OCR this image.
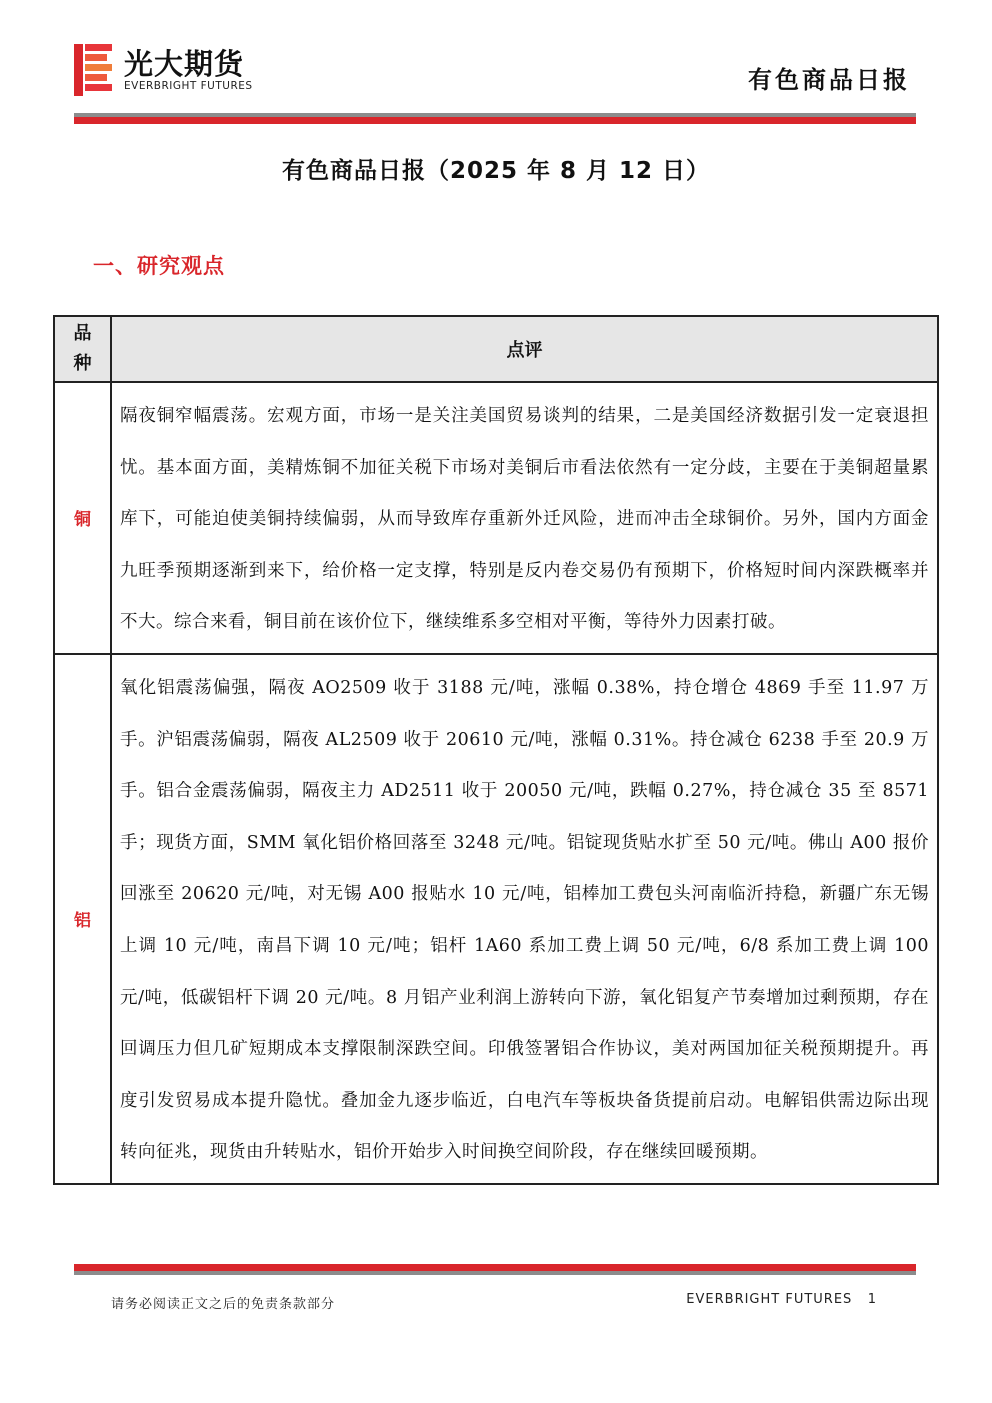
光大期货
EVERBRIGHT FUTURES	有色商品日报
有色商品日报（2025 年 8 月 12 日）
一、研究观点
品
种	点评
铜	隔夜铜窄幅震荡。宏观方面，市场一是关注美国贸易谈判的结果，二是美国经济数据引发一定衰退担忧。基本面方面，美精炼铜不加征关税下市场对美铜后市看法依然有一定分歧，主要在于美铜超量累库下，可能迫使美铜持续偏弱，从而导致库存重新外迁风险，进而冲击全球铜价。另外，国内方面金九旺季预期逐渐到来下，给价格一定支撑，特别是反内卷交易仍有预期下，价格短时间内深跌概率并不大。综合来看，铜目前在该价位下，继续维系多空相对平衡，等待外力因素打破。
铝	氧化铝震荡偏强，隔夜 AO2509 收于 3188 元/吨，涨幅 0.38%，持仓增仓 4869 手至 11.97 万手。沪铝震荡偏弱，隔夜 AL2509 收于 20610 元/吨，涨幅 0.31%。持仓减仓 6238 手至 20.9 万手。铝合金震荡偏弱，隔夜主力 AD2511 收于 20050 元/吨，跌幅 0.27%，持仓减仓 35 至 8571 手；现货方面，SMM 氧化铝价格回落至 3248 元/吨。铝锭现货贴水扩至 50 元/吨。佛山 A00 报价回涨至 20620 元/吨，对无锡 A00 报贴水 10 元/吨，铝棒加工费包头河南临沂持稳，新疆广东无锡上调 10 元/吨，南昌下调 10 元/吨；铝杆 1A60 系加工费上调 50 元/吨，6/8 系加工费上调 100 元/吨，低碳铝杆下调 20 元/吨。8 月铝产业利润上游转向下游，氧化铝复产节奏增加过剩预期，存在回调压力但几矿短期成本支撑限制深跌空间。印俄签署铝合作协议，美对两国加征关税预期提升。再度引发贸易成本提升隐忧。叠加金九逐步临近，白电汽车等板块备货提前启动。电解铝供需边际出现转向征兆，现货由升转贴水，铝价开始步入时间换空间阶段，存在继续回暖预期。
请务必阅读正文之后的免责条款部分	EVERBRIGHT FUTURES 1
